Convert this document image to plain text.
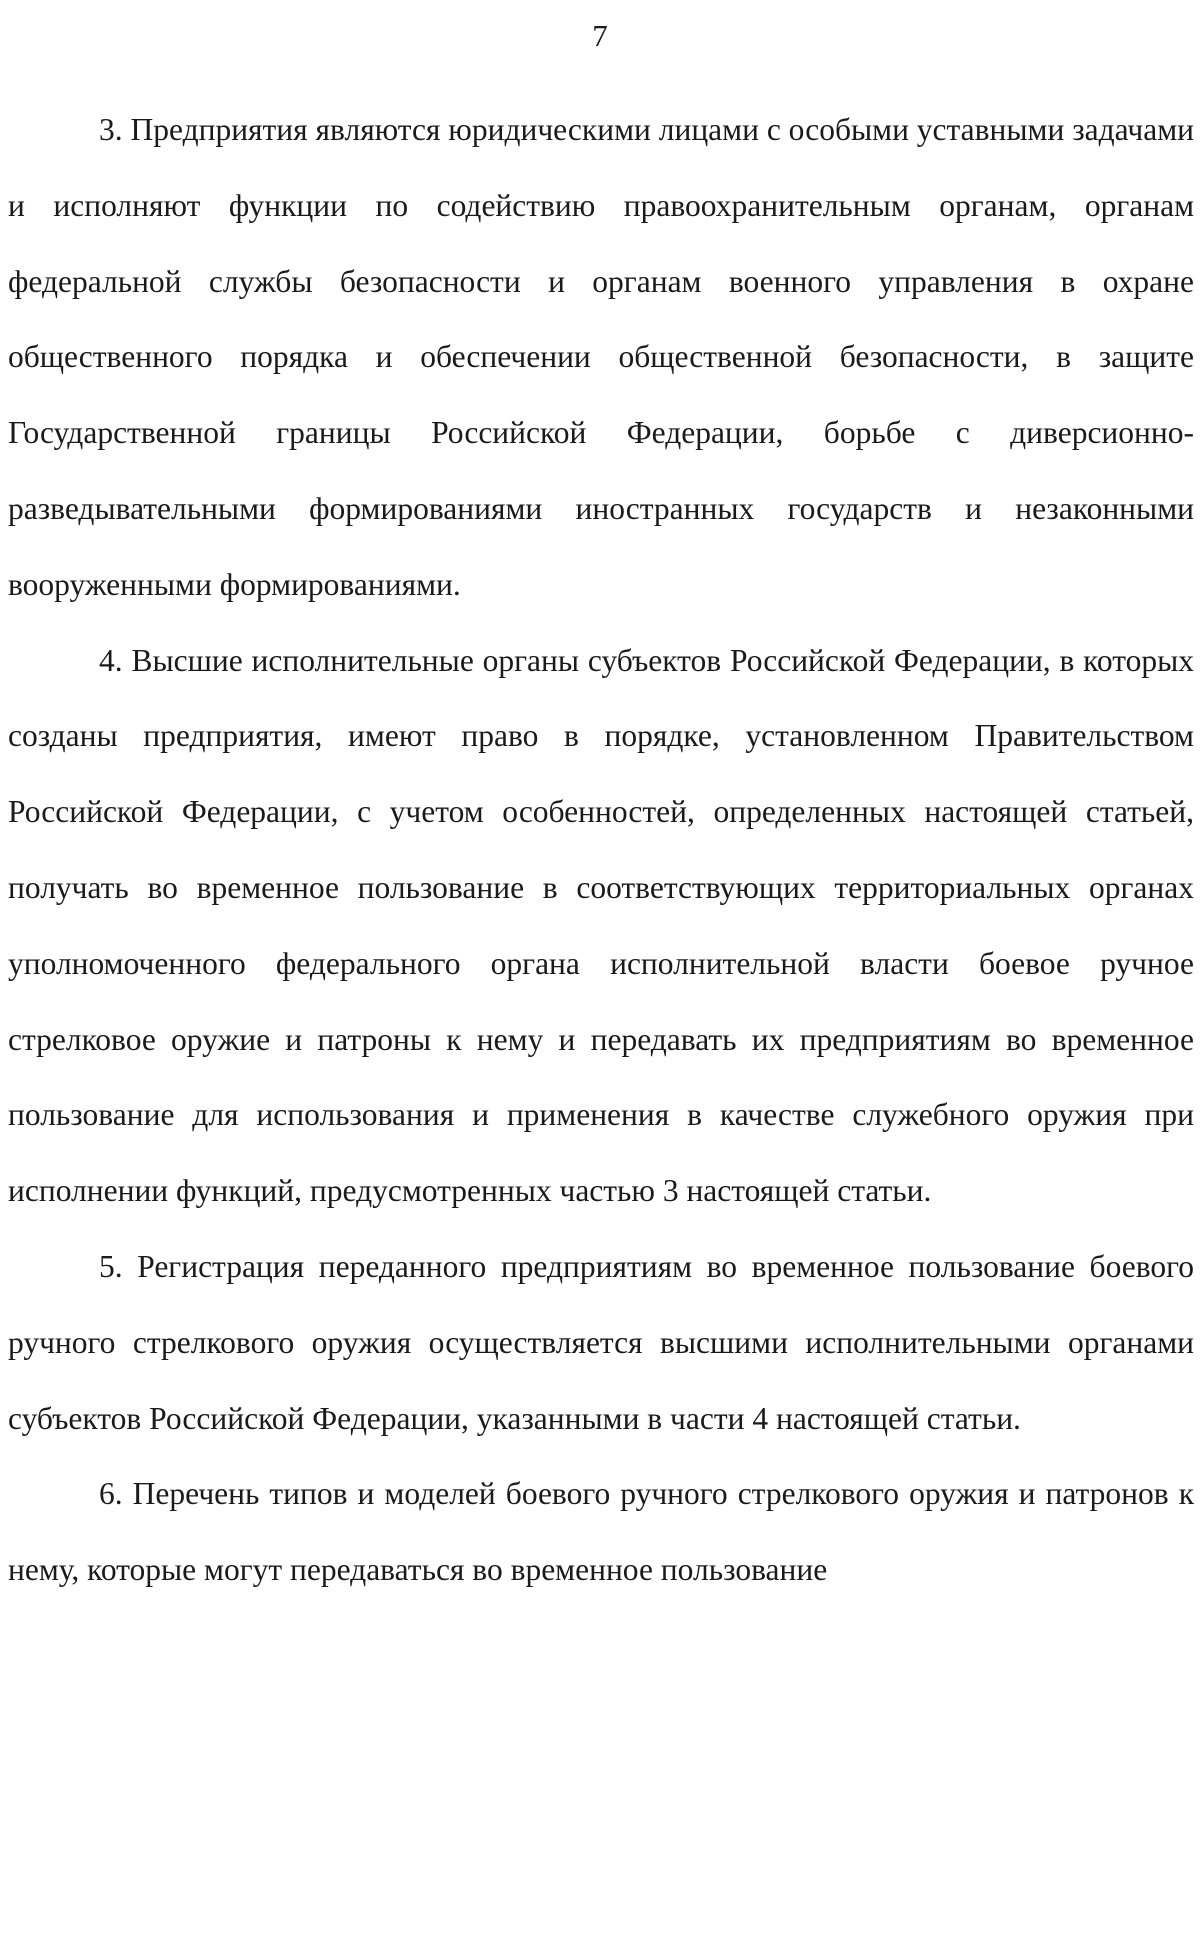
7

3. Предприятия являются юридическими лицами с особыми уставными задачами и исполняют функции по содействию правоохранительным органам, органам федеральной службы безопасности и органам военного управления в охране общественного порядка и обеспечении общественной безопасности, в защите Государственной границы Российской Федерации, борьбе с диверсионно-разведывательными формированиями иностранных государств и незаконными вооруженными формированиями.

4. Высшие исполнительные органы субъектов Российской Федерации, в которых созданы предприятия, имеют право в порядке, установленном Правительством Российской Федерации, с учетом особенностей, определенных настоящей статьей, получать во временное пользование в соответствующих территориальных органах уполномоченного федерального органа исполнительной власти боевое ручное стрелковое оружие и патроны к нему и передавать их предприятиям во временное пользование для использования и применения в качестве служебного оружия при исполнении функций, предусмотренных частью 3 настоящей статьи.

5. Регистрация переданного предприятиям во временное пользование боевого ручного стрелкового оружия осуществляется высшими исполнительными органами субъектов Российской Федерации, указанными в части 4 настоящей статьи.

6. Перечень типов и моделей боевого ручного стрелкового оружия и патронов к нему, которые могут передаваться во временное пользование
